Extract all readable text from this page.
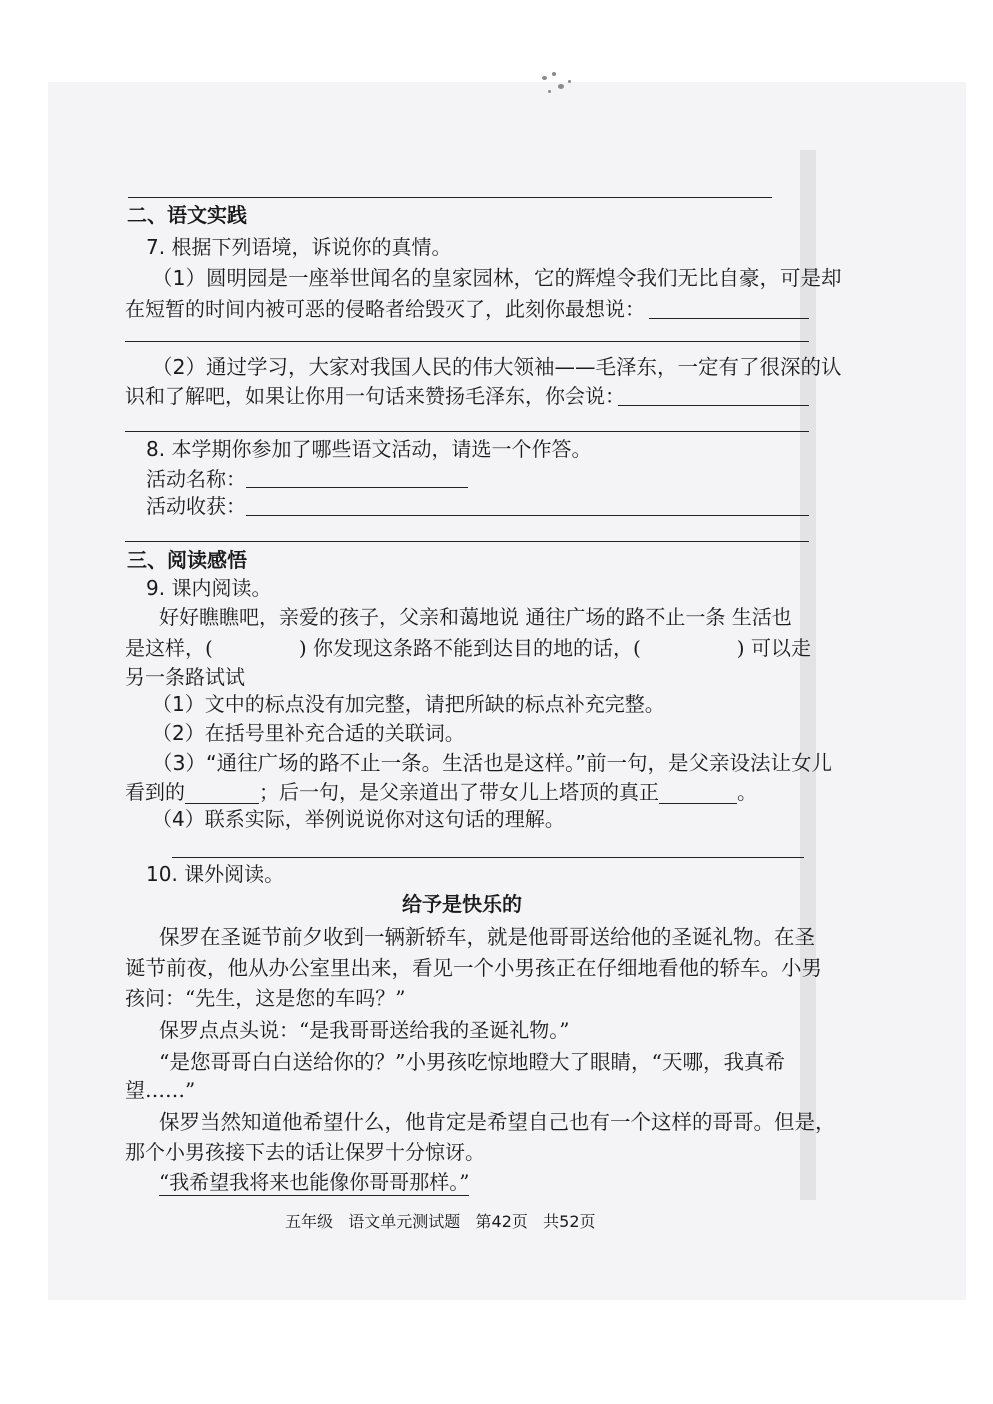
二、语文实践
7. 根据下列语境，诉说你的真情。
（1）圆明园是一座举世闻名的皇家园林，它的辉煌令我们无比自豪，可是却
在短暂的时间内被可恶的侵略者给毁灭了，此刻你最想说：
（2）通过学习，大家对我国人民的伟大领袖——毛泽东，一定有了很深的认
识和了解吧，如果让你用一句话来赞扬毛泽东，你会说：
8. 本学期你参加了哪些语文活动，请选一个作答。
活动名称：
活动收获：
三、阅读感悟
9. 课内阅读。
好好瞧瞧吧，亲爱的孩子，父亲和蔼地说 通往广场的路不止一条 生活也
是这样，(	) 你发现这条路不能到达目的地的话，(	) 可以走
另一条路试试
（1）文中的标点没有加完整，请把所缺的标点补充完整。
（2）在括号里补充合适的关联词。
（3）“通往广场的路不止一条。生活也是这样。”前一句，是父亲设法让女儿
看到的	；后一句，是父亲道出了带女儿上塔顶的真正	。
（4）联系实际，举例说说你对这句话的理解。
10. 课外阅读。
给予是快乐的
保罗在圣诞节前夕收到一辆新轿车，就是他哥哥送给他的圣诞礼物。在圣
诞节前夜，他从办公室里出来，看见一个小男孩正在仔细地看他的轿车。小男
孩问：“先生，这是您的车吗？”
保罗点点头说：“是我哥哥送给我的圣诞礼物。”
“是您哥哥白白送给你的？”小男孩吃惊地瞪大了眼睛，“天哪，我真希
望……”
保罗当然知道他希望什么，他肯定是希望自己也有一个这样的哥哥。但是，
那个小男孩接下去的话让保罗十分惊讶。
“我希望我将来也能像你哥哥那样。”
五年级   语文单元测试题   第42页   共52页
